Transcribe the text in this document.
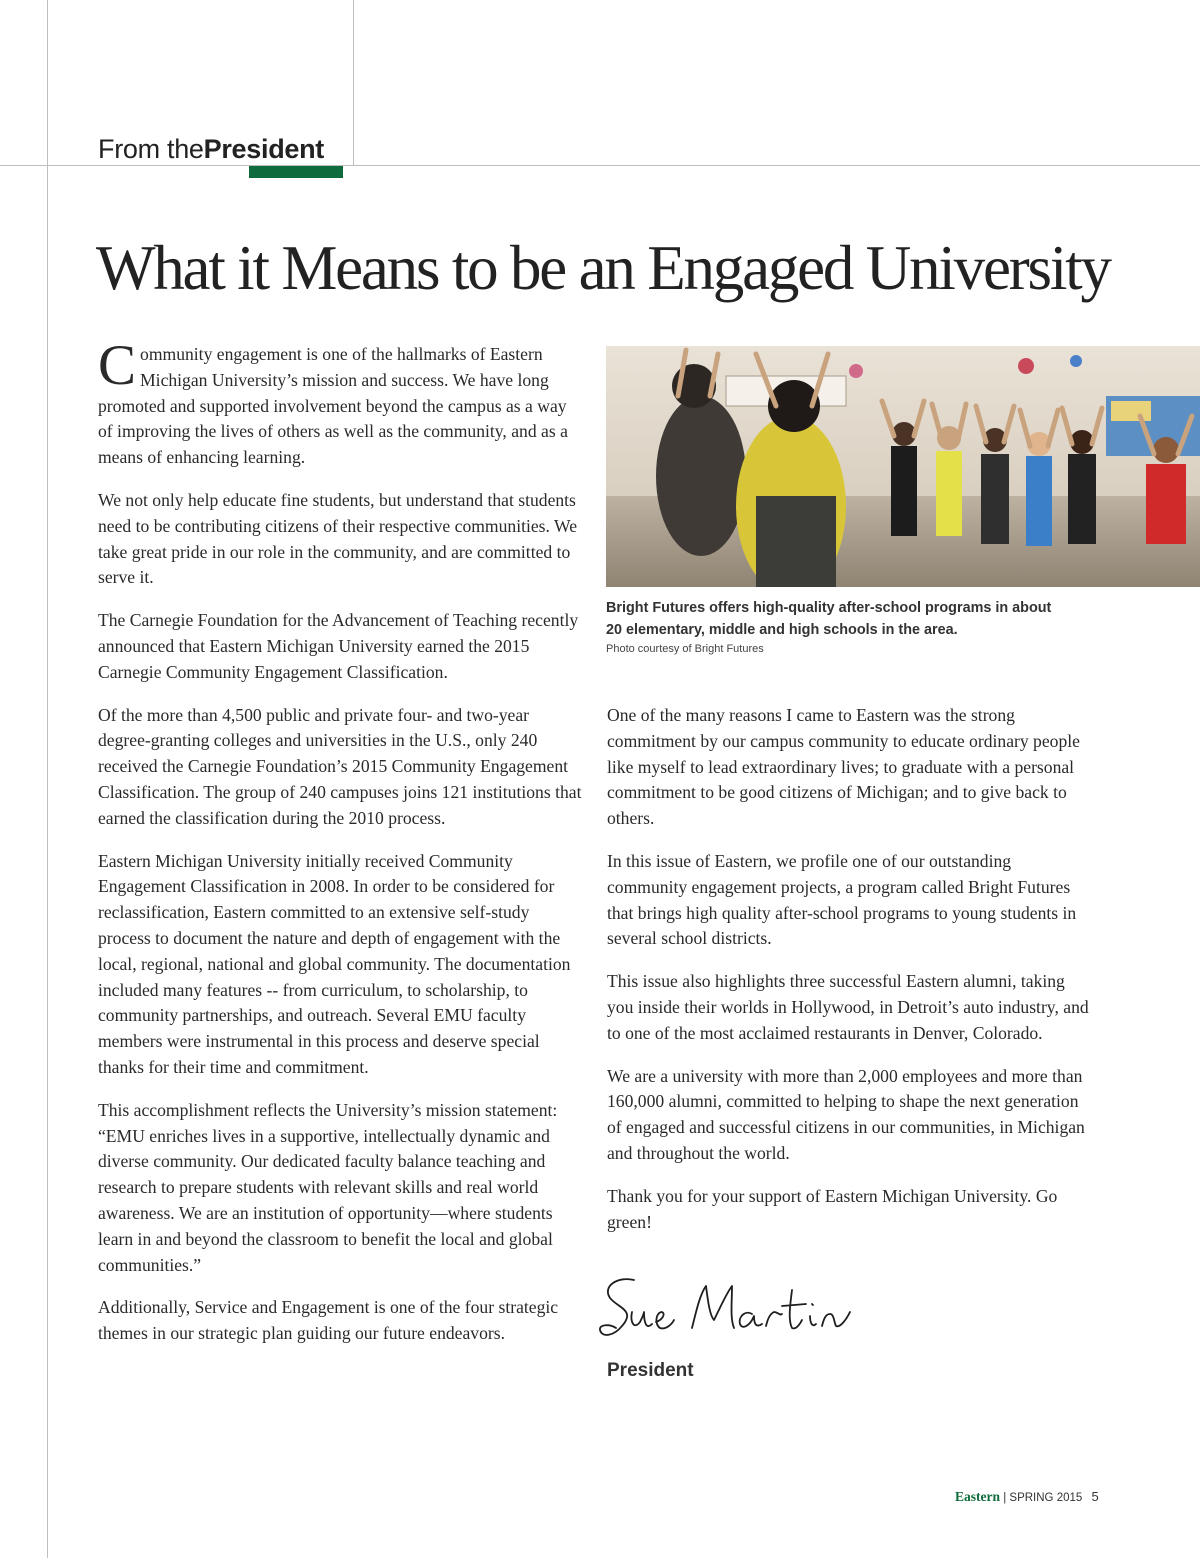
From thePresident
What it Means to be an Engaged University

Community engagement is one of the hallmarks of Eastern Michigan University’s mission and success. We have long promoted and supported involvement beyond the campus as a way of improving the lives of others as well as the community, and as a means of enhancing learning.

We not only help educate fine students, but understand that students need to be contributing citizens of their respective communities. We take great pride in our role in the community, and are committed to serve it.

The Carnegie Foundation for the Advancement of Teaching recently announced that Eastern Michigan University earned the 2015 Carnegie Community Engagement Classification.

Of the more than 4,500 public and private four- and two-year degree-granting colleges and universities in the U.S., only 240 received the Carnegie Foundation’s 2015 Community Engagement Classification. The group of 240 campuses joins 121 institutions that earned the classification during the 2010 process.

Eastern Michigan University initially received Community Engagement Classification in 2008. In order to be considered for reclassification, Eastern committed to an extensive self-study process to document the nature and depth of engagement with the local, regional, national and global community. The documentation included many features -- from curriculum, to scholarship, to community partnerships, and outreach. Several EMU faculty members were instrumental in this process and deserve special thanks for their time and commitment.

This accomplishment reflects the University’s mission statement: “EMU enriches lives in a supportive, intellectually dynamic and diverse community. Our dedicated faculty balance teaching and research to prepare students with relevant skills and real world awareness. We are an institution of opportunity—where students learn in and beyond the classroom to benefit the local and global communities.”

Additionally, Service and Engagement is one of the four strategic themes in our strategic plan guiding our future endeavors.

Bright Futures offers high-quality after-school programs in about 20 elementary, middle and high schools in the area.
Photo courtesy of Bright Futures

One of the many reasons I came to Eastern was the strong commitment by our campus community to educate ordinary people like myself to lead extraordinary lives; to graduate with a personal commitment to be good citizens of Michigan; and to give back to others.

In this issue of Eastern, we profile one of our outstanding community engagement projects, a program called Bright Futures that brings high quality after-school programs to young students in several school districts.

This issue also highlights three successful Eastern alumni, taking you inside their worlds in Hollywood, in Detroit’s auto industry, and to one of the most acclaimed restaurants in Denver, Colorado.

We are a university with more than 2,000 employees and more than 160,000 alumni, committed to helping to shape the next generation of engaged and successful citizens in our communities, in Michigan and throughout the world.

Thank you for your support of Eastern Michigan University. Go green!

President
Eastern | SPRING 2015 5
